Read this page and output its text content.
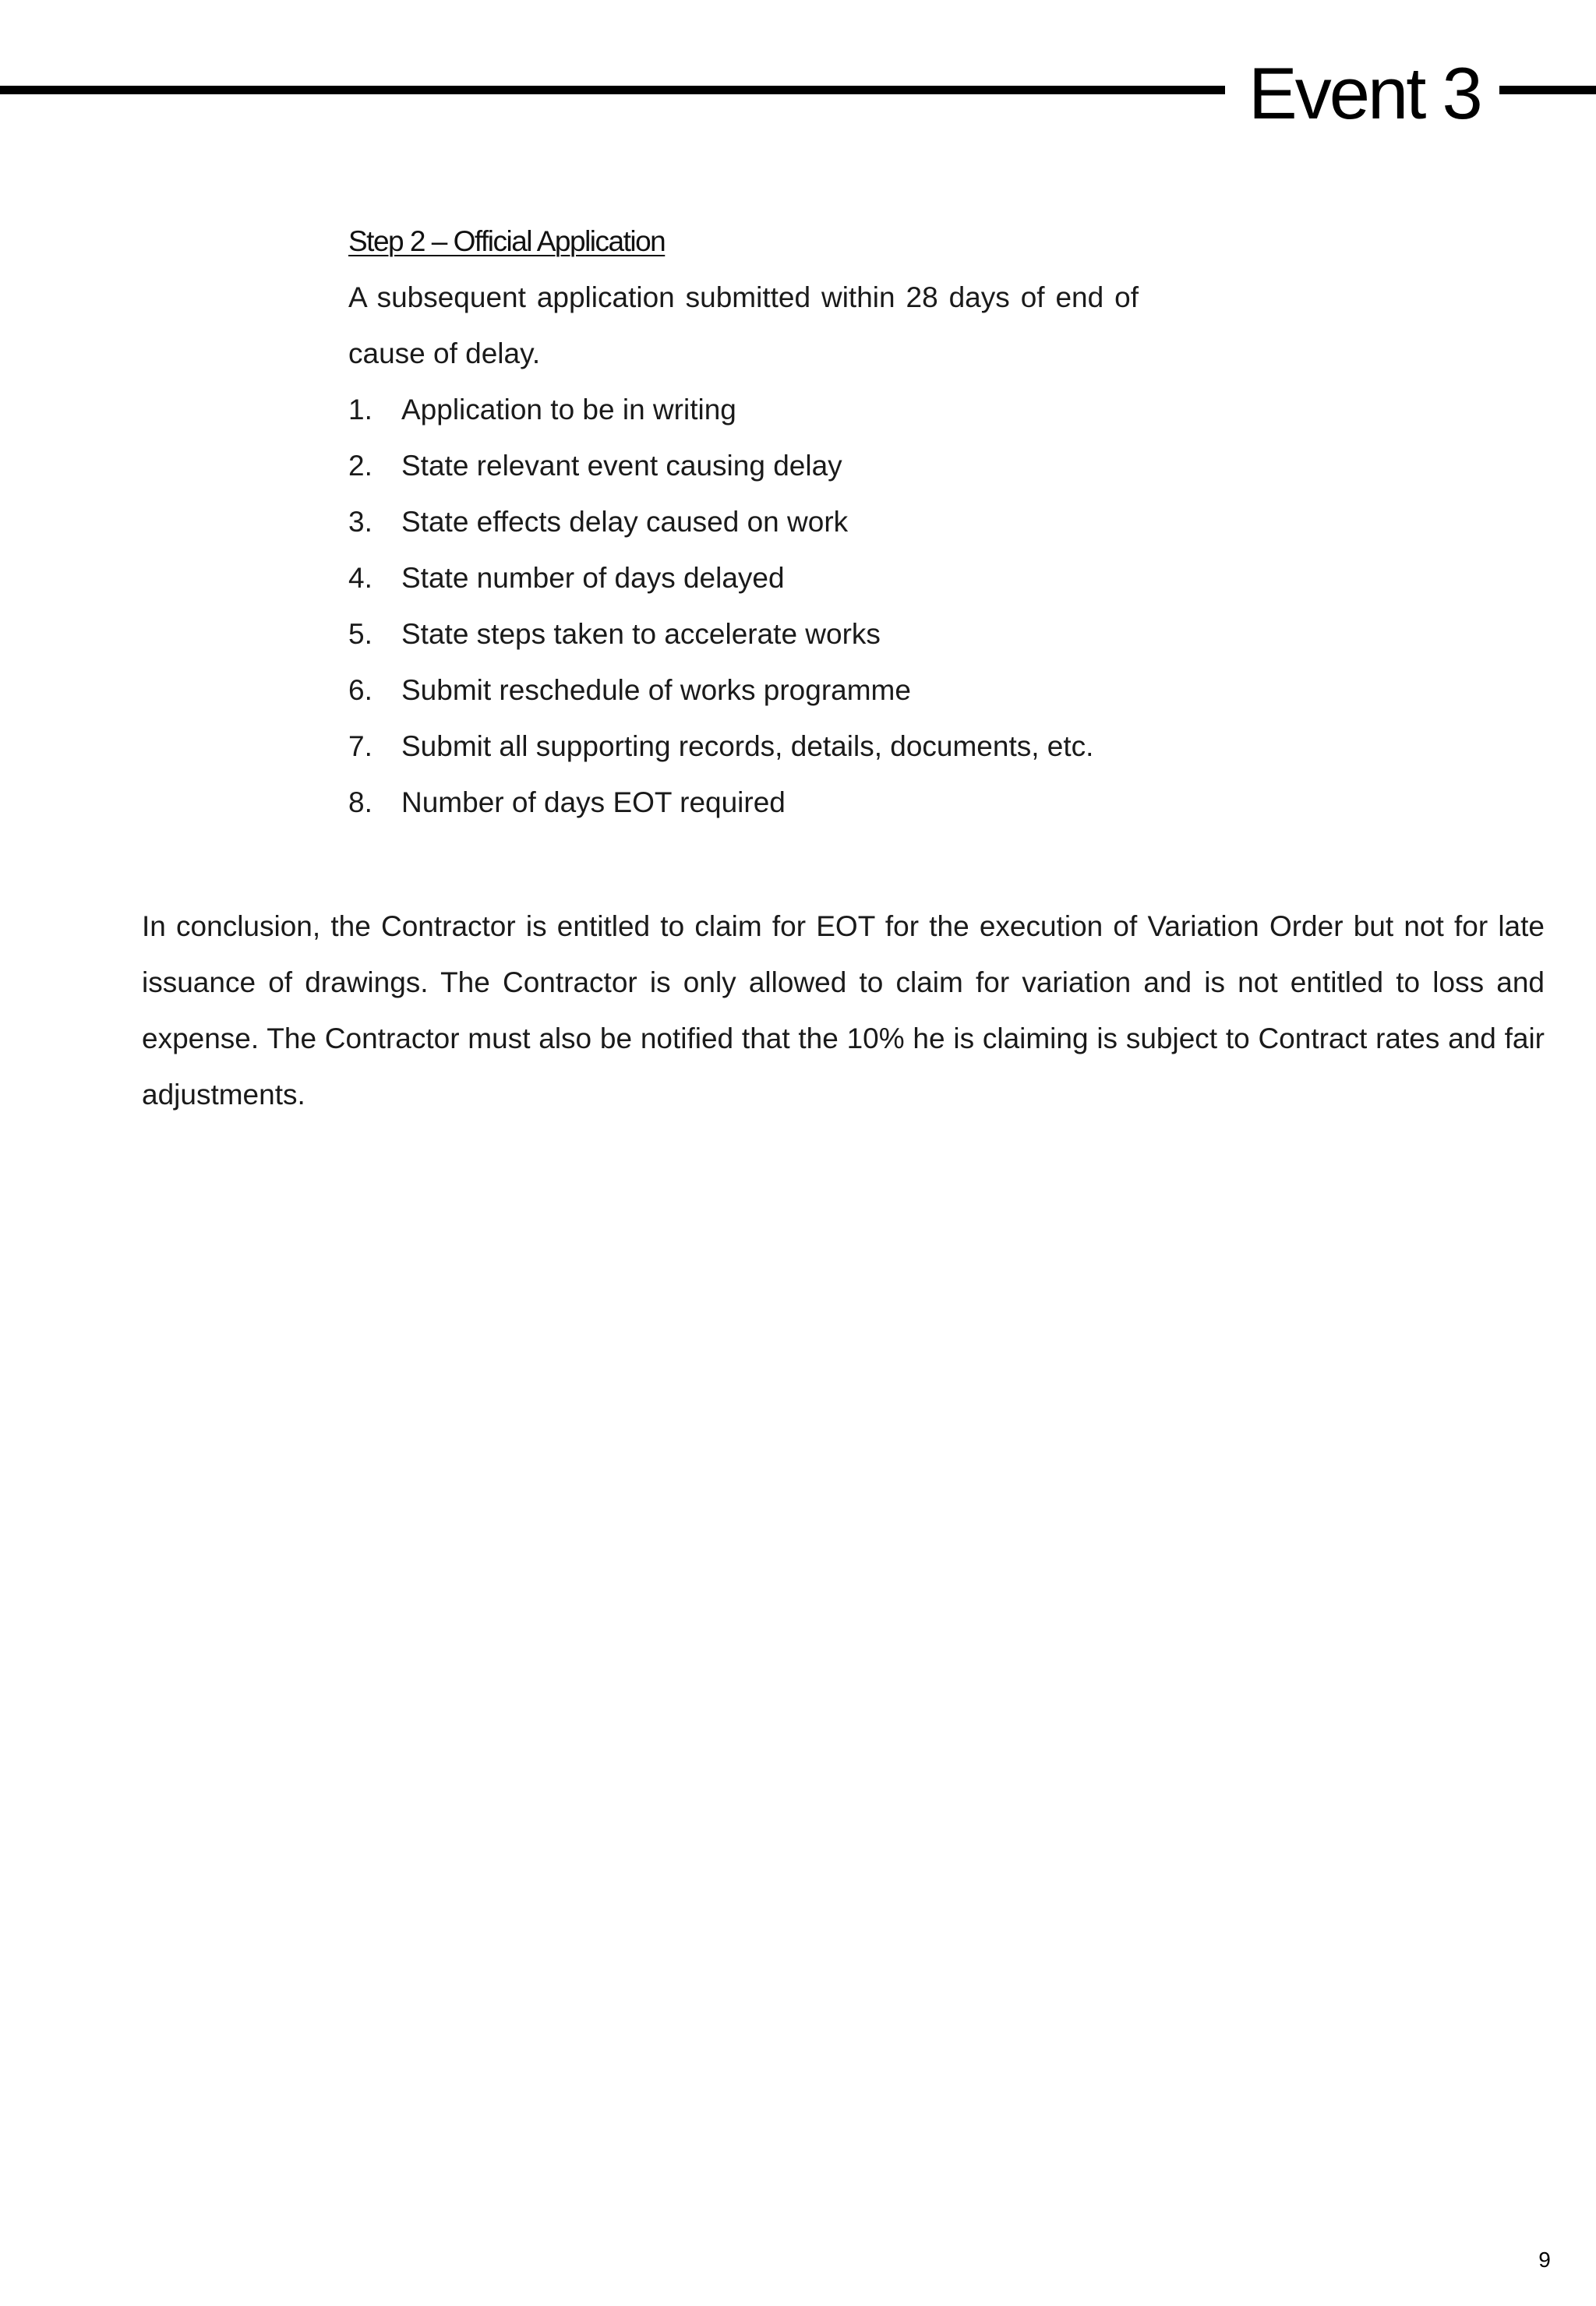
Event 3
Step 2 – Official Application

A subsequent application submitted within 28 days of end of cause of delay.

1.	Application to be in writing
2.	State relevant event causing delay
3.	State effects delay caused on work
4.	State number of days delayed
5.	State steps taken to accelerate works
6.	Submit reschedule of works programme
7.	Submit all supporting records, details, documents, etc.
8.	Number of days EOT required

In conclusion, the Contractor is entitled to claim for EOT for the execution of Variation Order but not for late issuance of drawings. The Contractor is only allowed to claim for variation and is not entitled to loss and expense. The Contractor must also be notified that the 10% he is claiming is subject to Contract rates and fair adjustments.

9
